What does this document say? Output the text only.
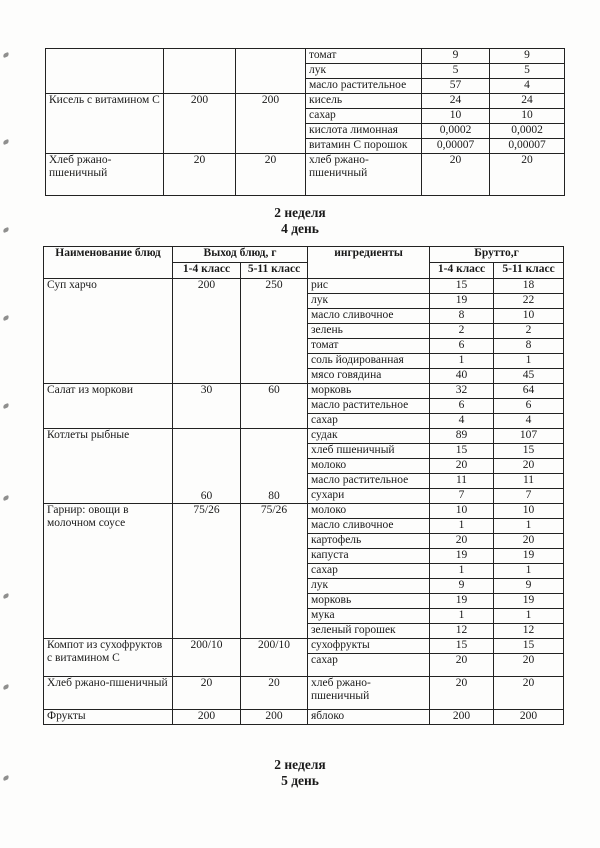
			томат	9	9
			лук	5	5
			масло растительное	57	4
Кисель с витамином С	200	200	кисель	24	24
			сахар	10	10
			кислота лимонная	0,0002	0,0002
			витамин С порошок	0,00007	0,00007
Хлеб ржано-пшеничный	20	20	хлеб ржано-пшеничный	20	20
2 неделя
4 день
Наименование блюд	Выход блюд, г		ингредиенты	Брутто,г	
	1-4 класс	5-11 класс		1-4 класс	5-11 класс
Суп харчо	200	250	рис	15	18
			лук	19	22
			масло сливочное	8	10
			зелень	2	2
			томат	6	8
			соль йодированная	1	1
			мясо говядина	40	45
Салат из моркови	30	60	морковь	32	64
			масло растительное	6	6
			сахар	4	4
Котлеты рыбные	60	80	судак	89	107
			хлеб пшеничный	15	15
			молоко	20	20
			масло растительное	11	11
			сухари	7	7
Гарнир: овощи в молочном соусе	75/26	75/26	молоко	10	10
			масло сливочное	1	1
			картофель	20	20
			капуста	19	19
			сахар	1	1
			лук	9	9
			морковь	19	19
			мука	1	1
			зеленый горошек	12	12
Компот из сухофруктов с витамином С	200/10	200/10	сухофрукты	15	15
			сахар	20	20
Хлеб ржано-пшеничный	20	20	хлеб ржано-пшеничный	20	20
Фрукты	200	200	яблоко	200	200
2 неделя
5 день
